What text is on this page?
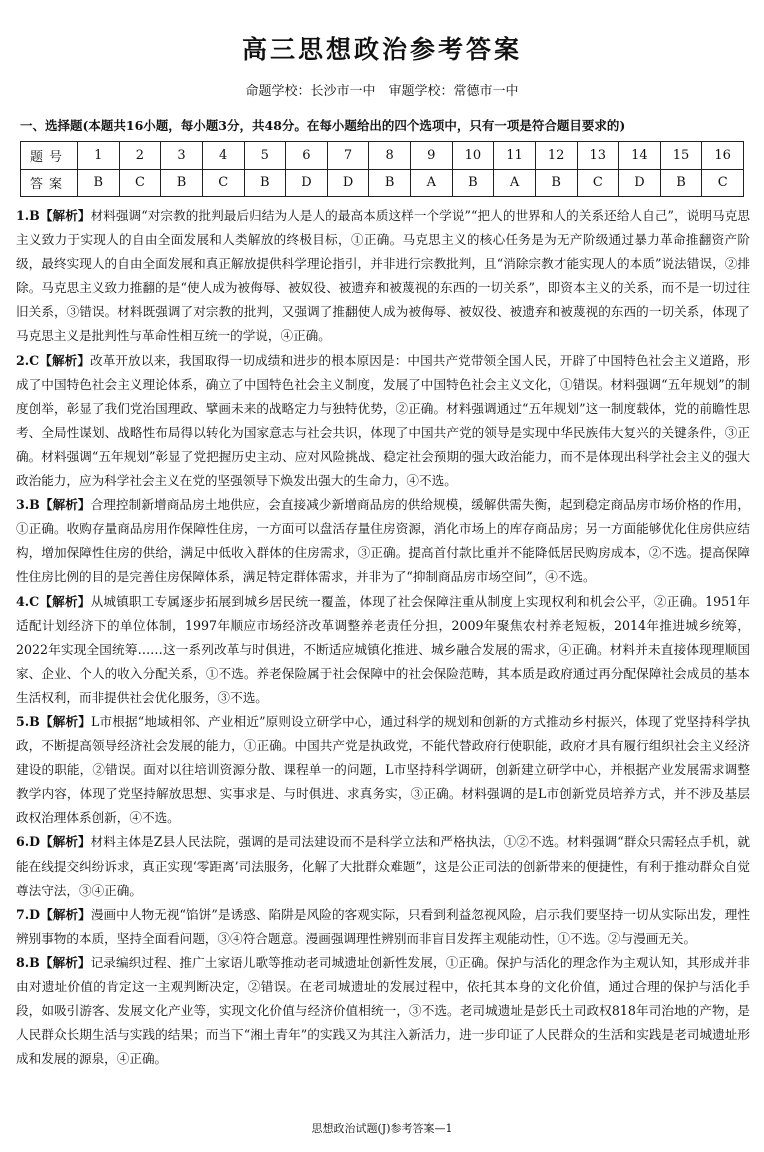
高三思想政治参考答案
命题学校：长沙市一中　审题学校：常德市一中
一、选择题(本题共16小题，每小题3分，共48分。在每小题给出的四个选项中，只有一项是符合题目要求的)
题号	1	2	3	4	5	6	7	8	9	10	11	12	13	14	15	16
答案	B	C	B	C	B	D	D	B	A	B	A	B	C	D	B	C

1.B【解析】材料强调“对宗教的批判最后归结为人是人的最高本质这样一个学说”“把人的世界和人的关系还给人自己”，说明马克思主义致力于实现人的自由全面发展和人类解放的终极目标，①正确。马克思主义的核心任务是为无产阶级通过暴力革命推翻资产阶级，最终实现人的自由全面发展和真正解放提供科学理论指引，并非进行宗教批判，且“消除宗教才能实现人的本质”说法错误，②排除。马克思主义致力推翻的是“使人成为被侮辱、被奴役、被遗弃和被蔑视的东西的一切关系”，即资本主义的关系，而不是一切过往旧关系，③错误。材料既强调了对宗教的批判，又强调了推翻使人成为被侮辱、被奴役、被遗弃和被蔑视的东西的一切关系，体现了马克思主义是批判性与革命性相互统一的学说，④正确。

2.C【解析】改革开放以来，我国取得一切成绩和进步的根本原因是：中国共产党带领全国人民，开辟了中国特色社会主义道路，形成了中国特色社会主义理论体系，确立了中国特色社会主义制度，发展了中国特色社会主义文化，①错误。材料强调“五年规划”的制度创举，彰显了我们党治国理政、擘画未来的战略定力与独特优势，②正确。材料强调通过“五年规划”这一制度载体，党的前瞻性思考、全局性谋划、战略性布局得以转化为国家意志与社会共识，体现了中国共产党的领导是实现中华民族伟大复兴的关键条件，③正确。材料强调“五年规划”彰显了党把握历史主动、应对风险挑战、稳定社会预期的强大政治能力，而不是体现出科学社会主义的强大政治能力，应为科学社会主义在党的坚强领导下焕发出强大的生命力，④不选。

3.B【解析】合理控制新增商品房土地供应，会直接减少新增商品房的供给规模，缓解供需失衡，起到稳定商品房市场价格的作用，①正确。收购存量商品房用作保障性住房，一方面可以盘活存量住房资源，消化市场上的库存商品房；另一方面能够优化住房供应结构，增加保障性住房的供给，满足中低收入群体的住房需求，③正确。提高首付款比重并不能降低居民购房成本，②不选。提高保障性住房比例的目的是完善住房保障体系，满足特定群体需求，并非为了“抑制商品房市场空间”，④不选。

4.C【解析】从城镇职工专属逐步拓展到城乡居民统一覆盖，体现了社会保障注重从制度上实现权利和机会公平，②正确。1951年适配计划经济下的单位体制，1997年顺应市场经济改革调整养老责任分担，2009年聚焦农村养老短板，2014年推进城乡统筹，2022年实现全国统筹……这一系列改革与时俱进，不断适应城镇化推进、城乡融合发展的需求，④正确。材料并未直接体现理顺国家、企业、个人的收入分配关系，①不选。养老保险属于社会保障中的社会保险范畴，其本质是政府通过再分配保障社会成员的基本生活权利，而非提供社会优化服务，③不选。

5.B【解析】L市根据“地域相邻、产业相近”原则设立研学中心，通过科学的规划和创新的方式推动乡村振兴，体现了党坚持科学执政，不断提高领导经济社会发展的能力，①正确。中国共产党是执政党，不能代替政府行使职能，政府才具有履行组织社会主义经济建设的职能，②错误。面对以往培训资源分散、课程单一的问题，L市坚持科学调研，创新建立研学中心，并根据产业发展需求调整教学内容，体现了党坚持解放思想、实事求是、与时俱进、求真务实，③正确。材料强调的是L市创新党员培养方式，并不涉及基层政权治理体系创新，④不选。

6.D【解析】材料主体是Z县人民法院，强调的是司法建设而不是科学立法和严格执法，①②不选。材料强调“群众只需轻点手机，就能在线提交纠纷诉求，真正实现‘零距离’司法服务，化解了大批群众难题”，这是公正司法的创新带来的便捷性，有利于推动群众自觉尊法守法，③④正确。

7.D【解析】漫画中人物无视“馅饼”是诱惑、陷阱是风险的客观实际，只看到利益忽视风险，启示我们要坚持一切从实际出发，理性辨别事物的本质，坚持全面看问题，③④符合题意。漫画强调理性辨别而非盲目发挥主观能动性，①不选。②与漫画无关。

8.B【解析】记录编织过程、推广土家语儿歌等推动老司城遗址创新性发展，①正确。保护与活化的理念作为主观认知，其形成并非由对遗址价值的肯定这一主观判断决定，②错误。在老司城遗址的发展过程中，依托其本身的文化价值，通过合理的保护与活化手段，如吸引游客、发展文化产业等，实现文化价值与经济价值相统一，③不选。老司城遗址是彭氏土司政权818年司治地的产物，是人民群众长期生活与实践的结果；而当下“湘土青年”的实践又为其注入新活力，进一步印证了人民群众的生活和实践是老司城遗址形成和发展的源泉，④正确。

思想政治试题(J)参考答案—1
